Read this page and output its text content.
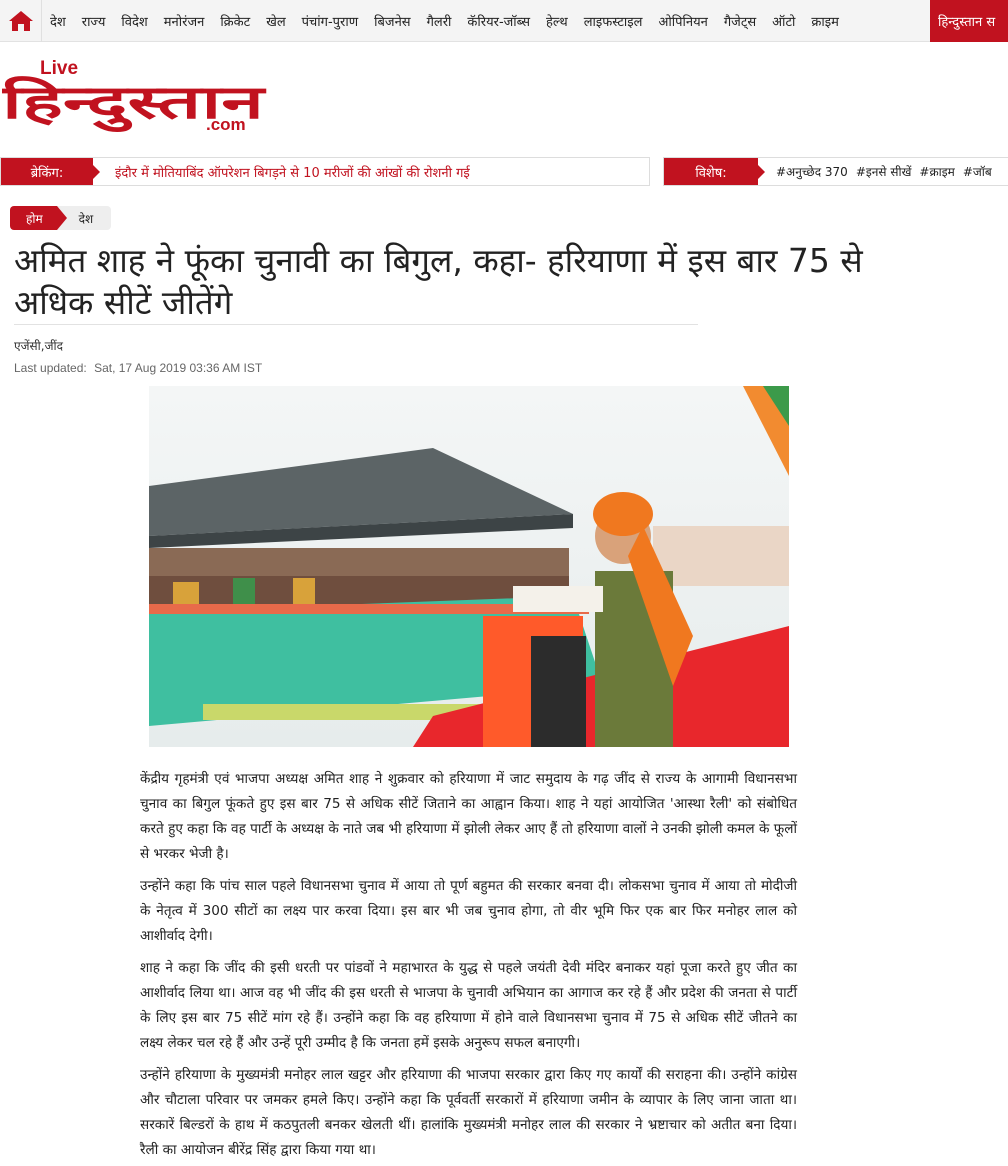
देश	राज्य	विदेश	मनोरंजन	क्रिकेट	खेल	पंचांग-पुराण	बिजनेस	गैलरी	कॅरियर-जॉब्स	हेल्थ	लाइफस्टाइल	ओपिनियन	गैजेट्स	ऑटो	क्राइम	हिन्दुस्तान स
Live
हिन्दुस्तान	.com
ब्रेकिंग:	इंदौर में मोतियाबिंद ऑपरेशन बिगड़ने से 10 मरीजों की आंखों की रोशनी गई	विशेष:	#अनुच्छेद 370 #इनसे सीखें #क्राइम #जॉब
होम	देश
अमित शाह ने फूंका चुनावी का बिगुल, कहा- हरियाणा में इस बार 75 से अधिक सीटें जीतेंगे
एजेंसी,जींद
Last updated: Sat, 17 Aug 2019 03:36 AM IST

केंद्रीय गृहमंत्री एवं भाजपा अध्यक्ष अमित शाह ने शुक्रवार को हरियाणा में जाट समुदाय के गढ़ जींद से राज्य के आगामी विधानसभा चुनाव का बिगुल फूंकते हुए इस बार 75 से अधिक सीटें जिताने का आह्वान किया। शाह ने यहां आयोजित 'आस्था रैली' को संबोधित करते हुए कहा कि वह पार्टी के अध्यक्ष के नाते जब भी हरियाणा में झोली लेकर आए हैं तो हरियाणा वालों ने उनकी झोली कमल के फूलों से भरकर भेजी है।

उन्होंने कहा कि पांच साल पहले विधानसभा चुनाव में आया तो पूर्ण बहुमत की सरकार बनवा दी। लोकसभा चुनाव में आया तो मोदीजी के नेतृत्व में 300 सीटों का लक्ष्य पार करवा दिया। इस बार भी जब चुनाव होगा, तो वीर भूमि फिर एक बार फिर मनोहर लाल को आशीर्वाद देगी।

शाह ने कहा कि जींद की इसी धरती पर पांडवों ने महाभारत के युद्ध से पहले जयंती देवी मंदिर बनाकर यहां पूजा करते हुए जीत का आशीर्वाद लिया था। आज वह भी जींद की इस धरती से भाजपा के चुनावी अभियान का आगाज कर रहे हैं और प्रदेश की जनता से पार्टी के लिए इस बार 75 सीटें मांग रहे हैं। उन्होंने कहा कि वह हरियाणा में होने वाले विधानसभा चुनाव में 75 से अधिक सीटें जीतने का लक्ष्य लेकर चल रहे हैं और उन्हें पूरी उम्मीद है कि जनता हमें इसके अनुरूप सफल बनाएगी।

उन्होंने हरियाणा के मुख्यमंत्री मनोहर लाल खट्टर और हरियाणा की भाजपा सरकार द्वारा किए गए कार्यों की सराहना की। उन्होंने कांग्रेस और चौटाला परिवार पर जमकर हमले किए। उन्होंने कहा कि पूर्ववर्ती सरकारों में हरियाणा जमीन के व्यापार के लिए जाना जाता था। सरकारें बिल्डरों के हाथ में कठपुतली बनकर खेलती थीं। हालांकि मुख्यमंत्री मनोहर लाल की सरकार ने भ्रष्टाचार को अतीत बना दिया। रैली का आयोजन बीरेंद्र सिंह द्वारा किया गया था।
